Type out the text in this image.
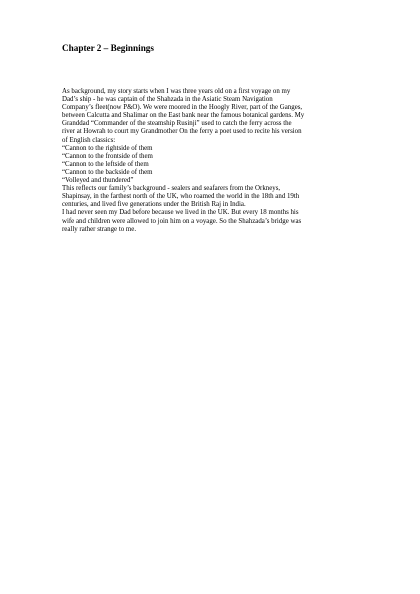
Chapter 2 – Beginnings
As background, my story starts when I was three years old on a first voyage on my
Dad’s ship - he was captain of the Shahzada in the Asiatic Steam Navigation
Company’s fleet(now P&O). We were moored in the Hoogly River, part of the Ganges,
between Calcutta and Shalimar on the East bank near the famous botanical gardens. My
Granddad “Commander of the steamship Rusinji” used to catch the ferry across the
river at Howrah to court my Grandmother On the ferry a poet used to recite his version
of English classics:
“Cannon to the rightside of them
“Cannon to the frontside of them
“Cannon to the leftside of them
“Cannon to the backside of them
“Volleyed and thundered”
This reflects our family’s background - sealers and seafarers from the Orkneys,
Shapinsay, in the farthest north of the UK, who roamed the world in the 18th and 19th
centuries, and lived five generations under the British Raj in India.
I had never seen my Dad before because we lived in the UK. But every 18 months his
wife and children were allowed to join him on a voyage. So the Shahzada’s bridge was
really rather strange to me.
